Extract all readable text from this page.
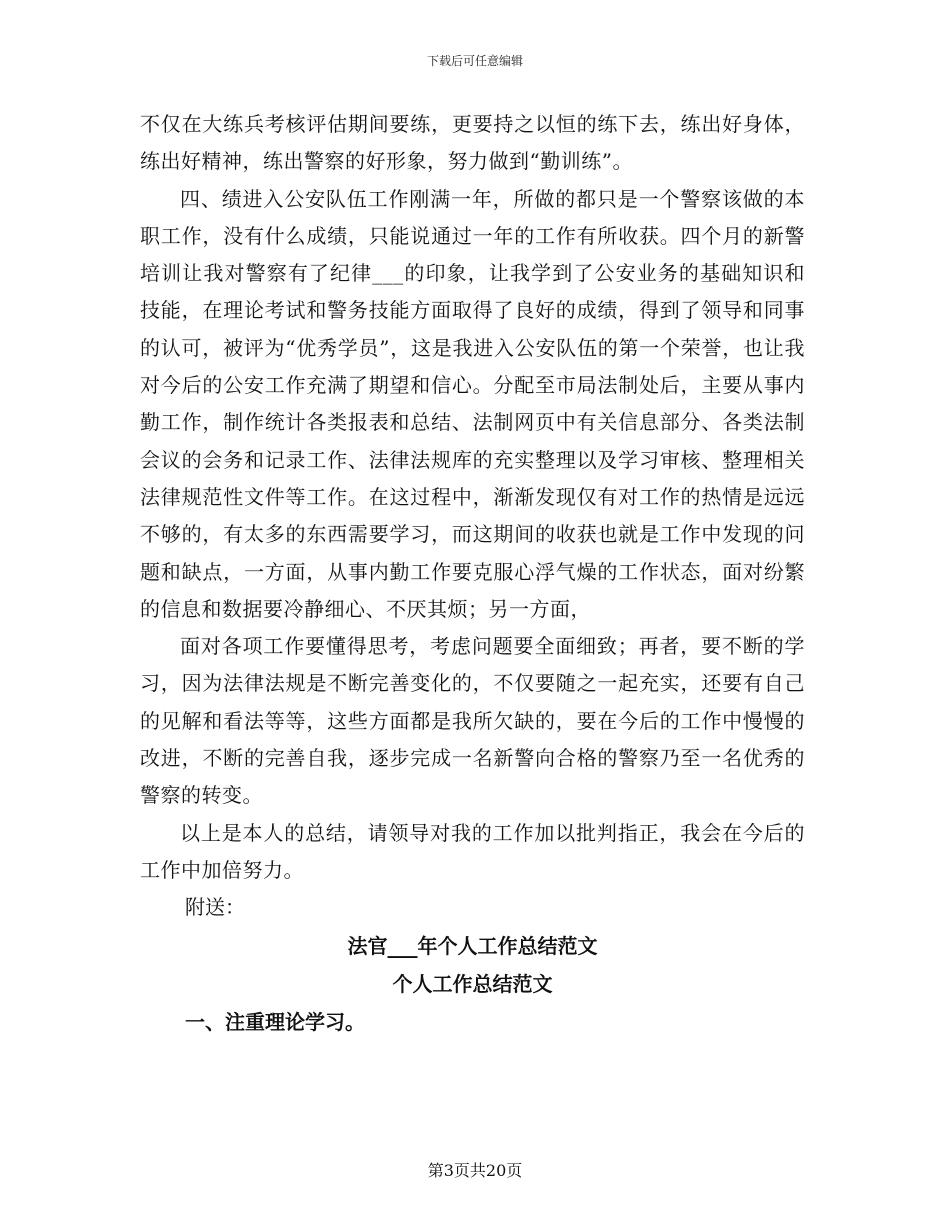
下载后可任意编辑

不仅在大练兵考核评估期间要练，更要持之以恒的练下去，练出好身体，练出好精神，练出警察的好形象，努力做到“勤训练”。

四、绩进入公安队伍工作刚满一年，所做的都只是一个警察该做的本职工作，没有什么成绩，只能说通过一年的工作有所收获。四个月的新警培训让我对警察有了纪律___的印象，让我学到了公安业务的基础知识和技能，在理论考试和警务技能方面取得了良好的成绩，得到了领导和同事的认可，被评为“优秀学员”，这是我进入公安队伍的第一个荣誉，也让我对今后的公安工作充满了期望和信心。分配至市局法制处后，主要从事内勤工作，制作统计各类报表和总结、法制网页中有关信息部分、各类法制会议的会务和记录工作、法律法规库的充实整理以及学习审核、整理相关法律规范性文件等工作。在这过程中，渐渐发现仅有对工作的热情是远远不够的，有太多的东西需要学习，而这期间的收获也就是工作中发现的问题和缺点，一方面，从事内勤工作要克服心浮气燥的工作状态，面对纷繁的信息和数据要冷静细心、不厌其烦；另一方面，

面对各项工作要懂得思考，考虑问题要全面细致；再者，要不断的学习，因为法律法规是不断完善变化的，不仅要随之一起充实，还要有自己的见解和看法等等，这些方面都是我所欠缺的，要在今后的工作中慢慢的改进，不断的完善自我，逐步完成一名新警向合格的警察乃至一名优秀的警察的转变。

以上是本人的总结，请领导对我的工作加以批判指正，我会在今后的工作中加倍努力。

附送：

法官___年个人工作总结范文

个人工作总结范文

一、注重理论学习。

第3页共20页
